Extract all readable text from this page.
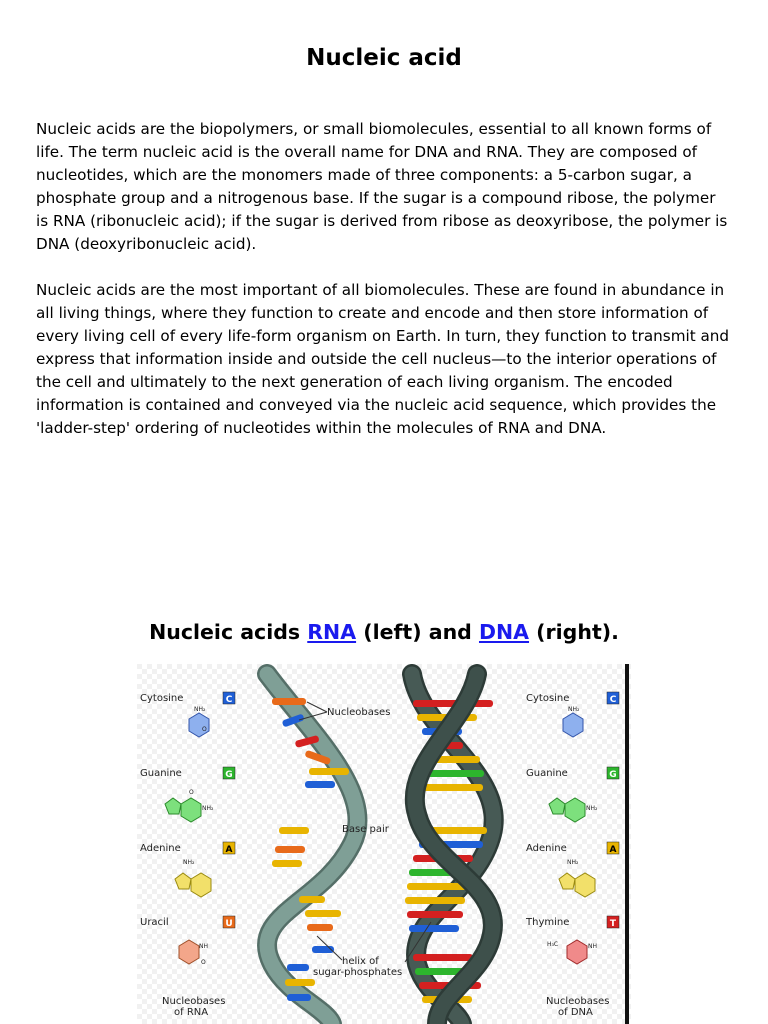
Nucleic acid

Nucleic acids are the biopolymers, or small biomolecules, essential to all known forms of life. The term nucleic acid is the overall name for DNA and RNA. They are composed of nucleotides, which are the monomers made of three components: a 5-carbon sugar, a phosphate group and a nitrogenous base. If the sugar is a compound ribose, the polymer is RNA (ribonucleic acid); if the sugar is derived from ribose as deoxyribose, the polymer is DNA (deoxyribonucleic acid).

Nucleic acids are the most important of all biomolecules. These are found in abundance in all living things, where they function to create and encode and then store information of every living cell of every life-form organism on Earth. In turn, they function to transmit and express that information inside and outside the cell nucleus—to the interior operations of the cell and ultimately to the next generation of each living organism. The encoded information is contained and conveyed via the nucleic acid sequence, which provides the 'ladder-step' ordering of nucleotides within the molecules of RNA and DNA.

Nucleic acids RNA (left) and DNA (right).
Nucleobases
Base pair
helix of
sugar-phosphates
Cytosine	C
NH₂
O
Guanine	G
O
NH₂
Adenine	A
NH₂
Uracil	U
NH
O
Nucleobases
of RNA
Cytosine	C
NH₂
Guanine	G
NH₂
Adenine	A
NH₂
Thymine	T
H₃C	NH
Nucleobases
of DNA
